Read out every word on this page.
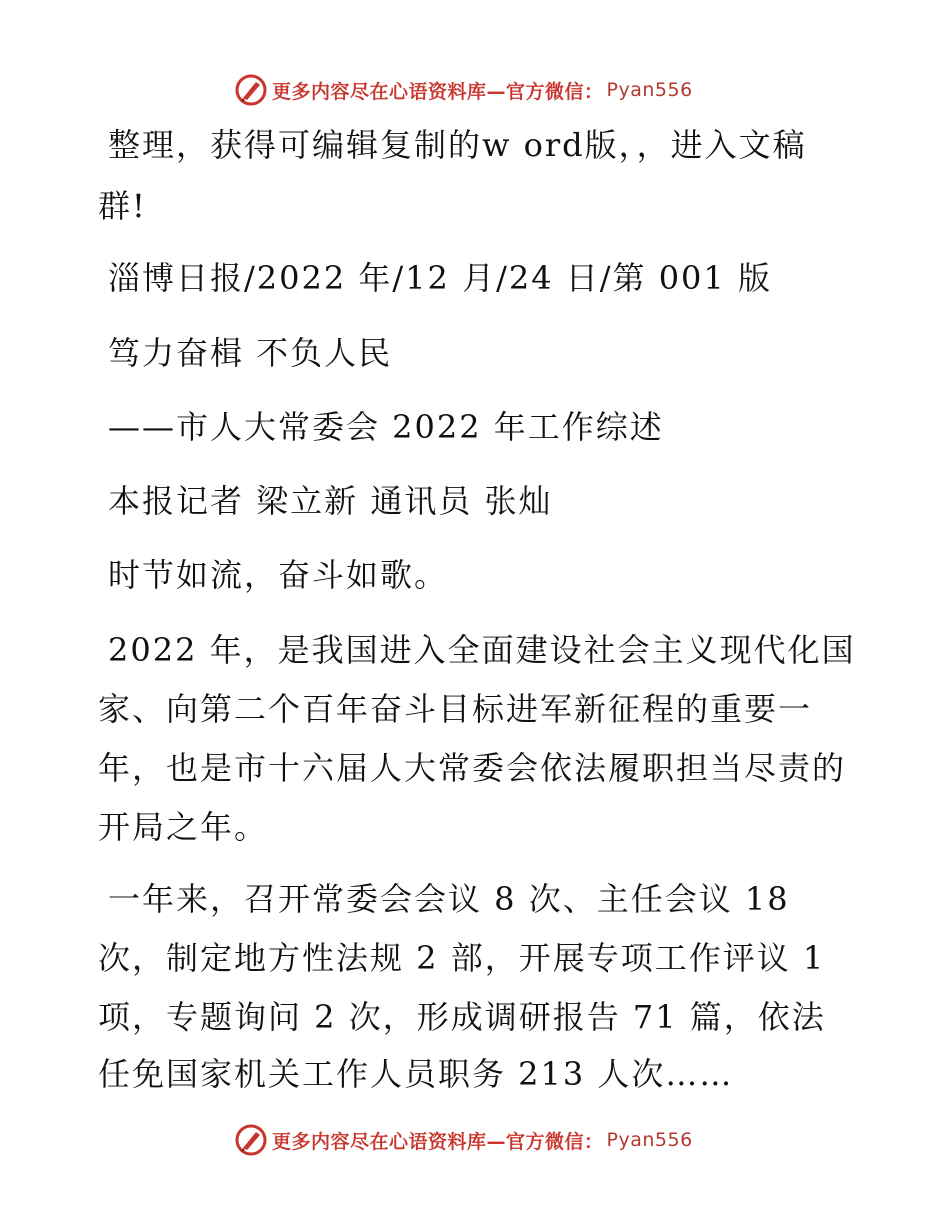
更多内容尽在心语资料库—官方微信： Pyan556

整理，获得可编辑复制的w ord版，，进入文稿

群!

淄博日报/2022 年/12 月/24 日/第 001 版

笃力奋楫 不负人民

——市人大常委会 2022 年工作综述

本报记者 梁立新 通讯员 张灿

时节如流，奋斗如歌。

2022 年，是我国进入全面建设社会主义现代化国

家、向第二个百年奋斗目标进军新征程的重要一

年，也是市十六届人大常委会依法履职担当尽责的

开局之年。

一年来，召开常委会会议 8 次、主任会议 18

次，制定地方性法规 2 部，开展专项工作评议 1

项，专题询问 2 次，形成调研报告 71 篇，依法

任免国家机关工作人员职务 213 人次……

更多内容尽在心语资料库—官方微信： Pyan556
